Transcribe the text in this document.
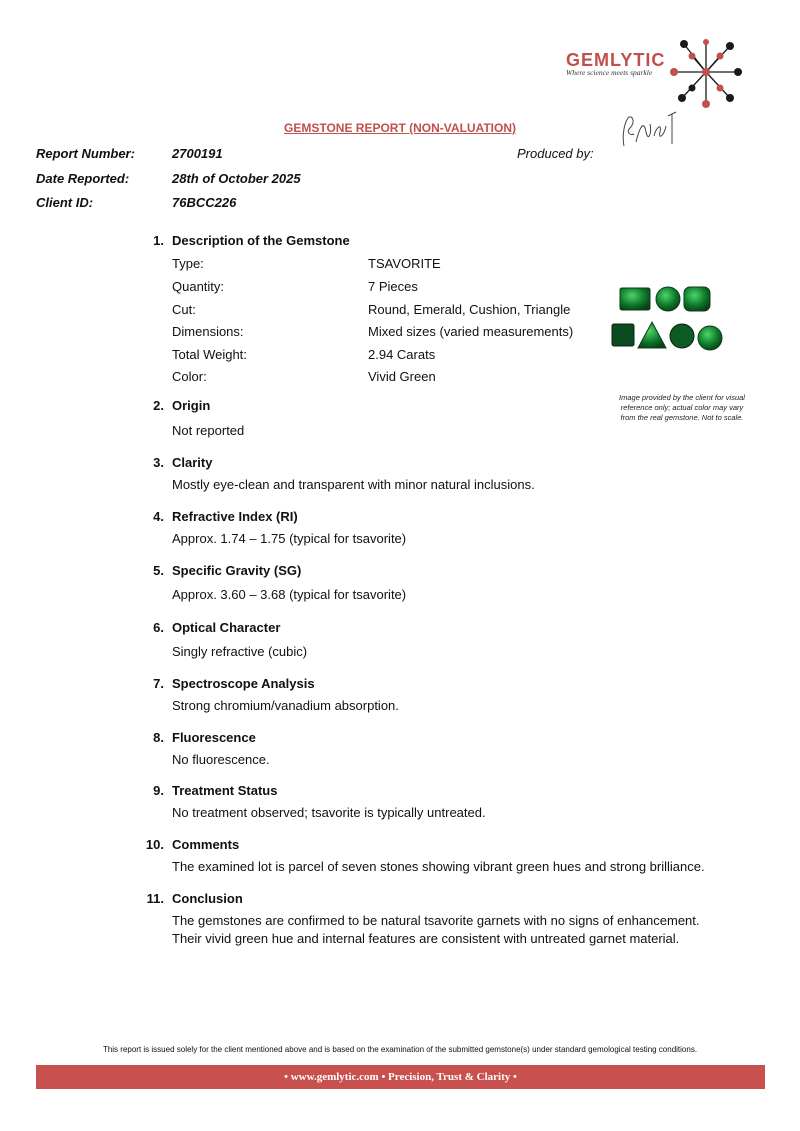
GEMLYTIC
Where science meets sparkle
GEMSTONE REPORT (NON-VALUATION)
Report Number:	2700191	Produced by:
Date Reported:	28th of October 2025
Client ID:	76BCC226
1. Description of the Gemstone
Type:	TSAVORITE
Quantity:	7 Pieces
Cut:	Round, Emerald, Cushion, Triangle
Dimensions:	Mixed sizes (varied measurements)
Total Weight:	2.94 Carats
Color:	Vivid Green
Image provided by the client for visual
reference only; actual color may vary
from the real gemstone. Not to scale.
2. Origin
Not reported
3. Clarity
Mostly eye-clean and transparent with minor natural inclusions.
4. Refractive Index (RI)
Approx. 1.74 – 1.75 (typical for tsavorite)
5. Specific Gravity (SG)
Approx. 3.60 – 3.68 (typical for tsavorite)
6. Optical Character
Singly refractive (cubic)
7. Spectroscope Analysis
Strong chromium/vanadium absorption.
8. Fluorescence
No fluorescence.
9. Treatment Status
No treatment observed; tsavorite is typically untreated.
10. Comments
The examined lot is parcel of seven stones showing vibrant green hues and strong brilliance.
11. Conclusion
The gemstones are confirmed to be natural tsavorite garnets with no signs of enhancement.
Their vivid green hue and internal features are consistent with untreated garnet material.
This report is issued solely for the client mentioned above and is based on the examination of the submitted gemstone(s) under standard gemological testing conditions.
• www.gemlytic.com • Precision, Trust & Clarity •
